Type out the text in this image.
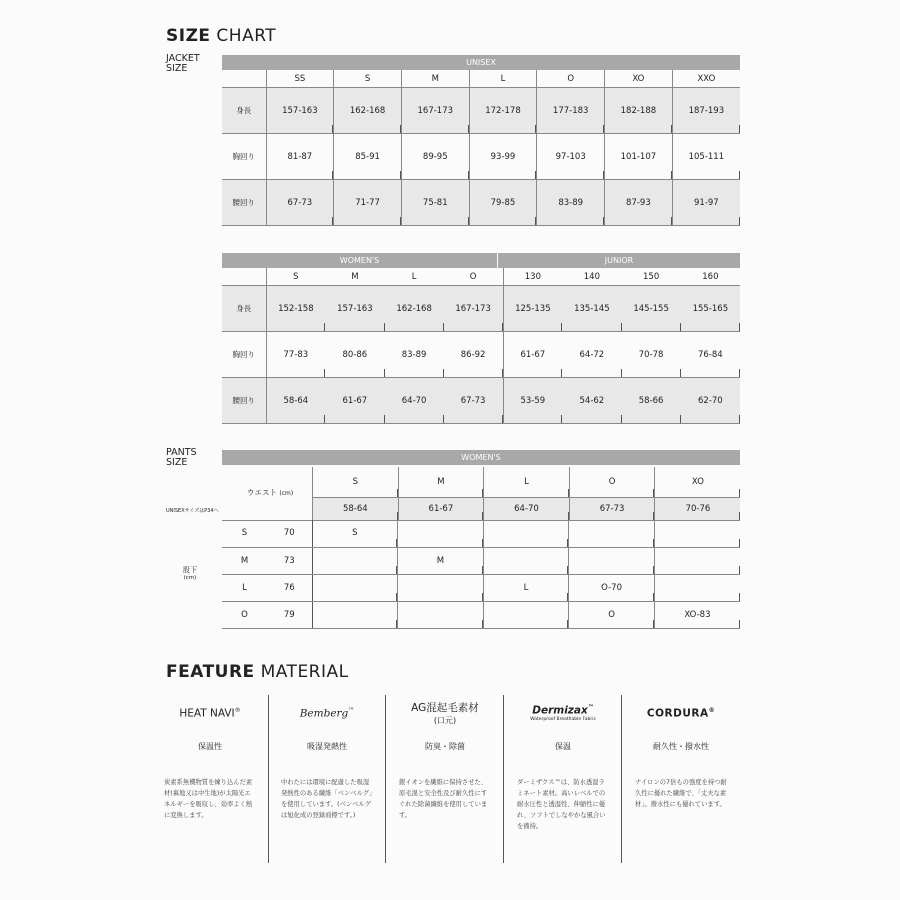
SIZE CHART
JACKET
SIZE
UNISEX
	SS	S	M	L	O	XO	XXO
身長	157-163	162-168	167-173	172-178	177-183	182-188	187-193
胸回り	81-87	85-91	89-95	93-99	97-103	101-107	105-111
腰回り	67-73	71-77	75-81	79-85	83-89	87-93	91-97
WOMEN'S	JUNIOR
	S	M	L	O	130	140	150	160
身長	152-158	157-163	162-168	167-173	125-135	135-145	145-155	155-165
胸回り	77-83	80-86	83-89	86-92	61-67	64-72	70-78	76-84
腰回り	58-64	61-67	64-70	67-73	53-59	54-62	58-66	62-70
PANTS
SIZE	WOMEN'S
ウエスト (cm)
UNISEXサイズはP34へ
股下
(cm)
S	M	L	O	XO
58-64	61-67	64-70	67-73	70-76
S	70	S				
M	73		M			
L	76			L	O-70	
O	79				O	XO-83
FEATURE MATERIAL
HEAT NAVI®
保温性
炭素系無機物質を練り込んだ素材(裏地又は中生地)が太陽光エネルギーを吸収し、効率よく熱に変換します。
Bemberg™
吸湿発熱性
中わたには環境に配慮した吸湿発熱性のある繊維「ベンベルグ」を使用しています。(ベンベルグは旭化成の登録商標です。)
AG混起毛素材
(口元)
防臭・除菌
銀イオンを繊維に保持させた、原毛混と安全性及び耐久性にすぐれた除菌繊維を使用しています。
Dermizax™
Waterproof Breathable Fabric
保温
ダーミザクス™は、防水透湿ラミネート素材。高いレベルでの耐水圧性と透湿性、伸縮性に優れ、ソフトでしなやかな風合いを備持。
CORDURA®
耐久性・撥水性
ナイロンの7倍もの強度を持つ耐久性に優れた繊維で、「丈夫な素材」。撥水性にも優れています。
